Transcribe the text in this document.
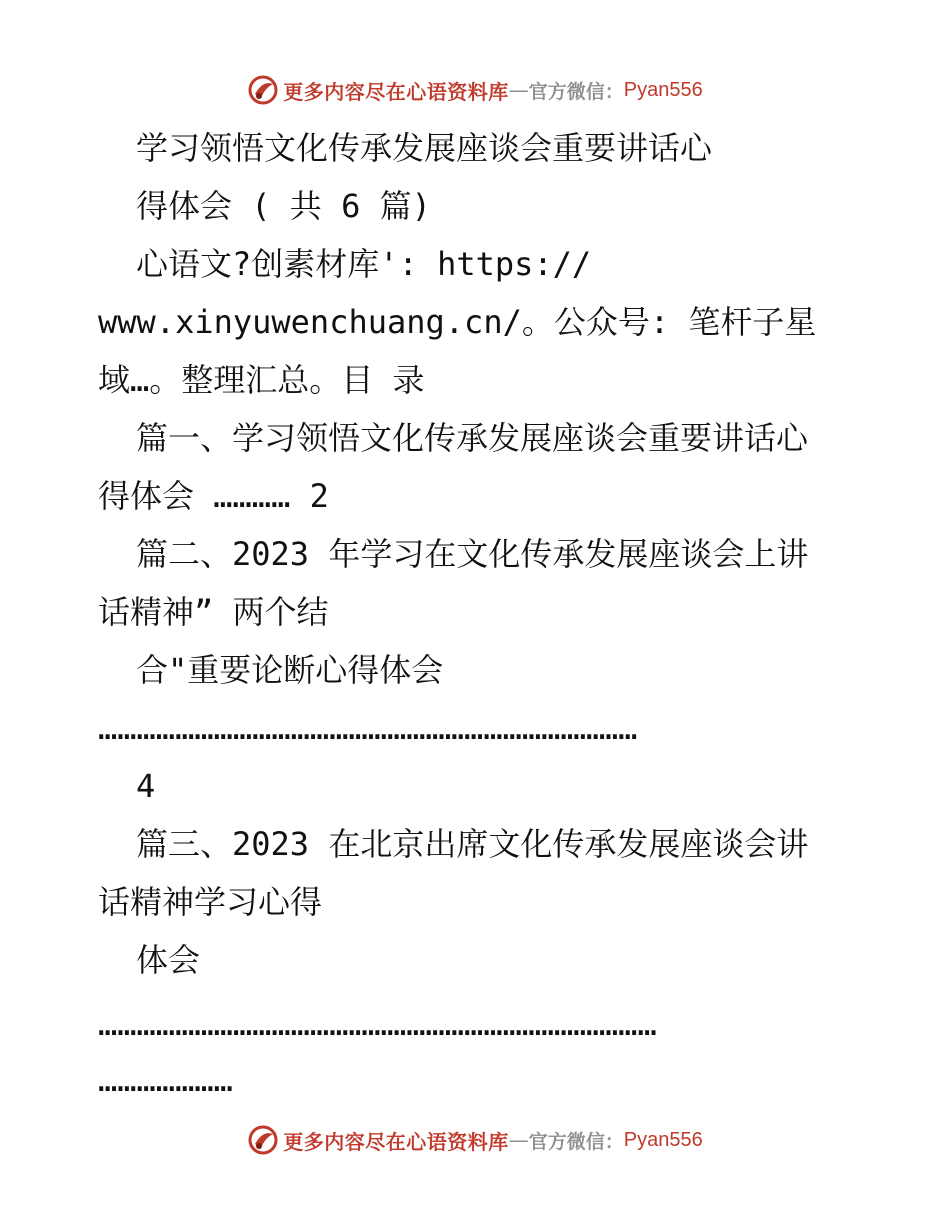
更多内容尽在心语资料库 — 官方微信： Pyan556

学习领悟文化传承发展座谈会重要讲话心

得体会 ( 共 6 篇)

心语文?创素材库': https://

www.xinyuwenchuang.cn/。公众号: 笔杆子星

域…。整理汇总。目 录

篇一、学习领悟文化传承发展座谈会重要讲话心

得体会 ………… 2

篇二、2023 年学习在文化传承发展座谈会上讲

话精神” 两个结

合"重要论断心得体会

…………………………………………………………………………

4

篇三、2023 在北京出席文化传承发展座谈会讲

话精神学习心得

体会

……………………………………………………………………………

…………………

更多内容尽在心语资料库 — 官方微信： Pyan556
